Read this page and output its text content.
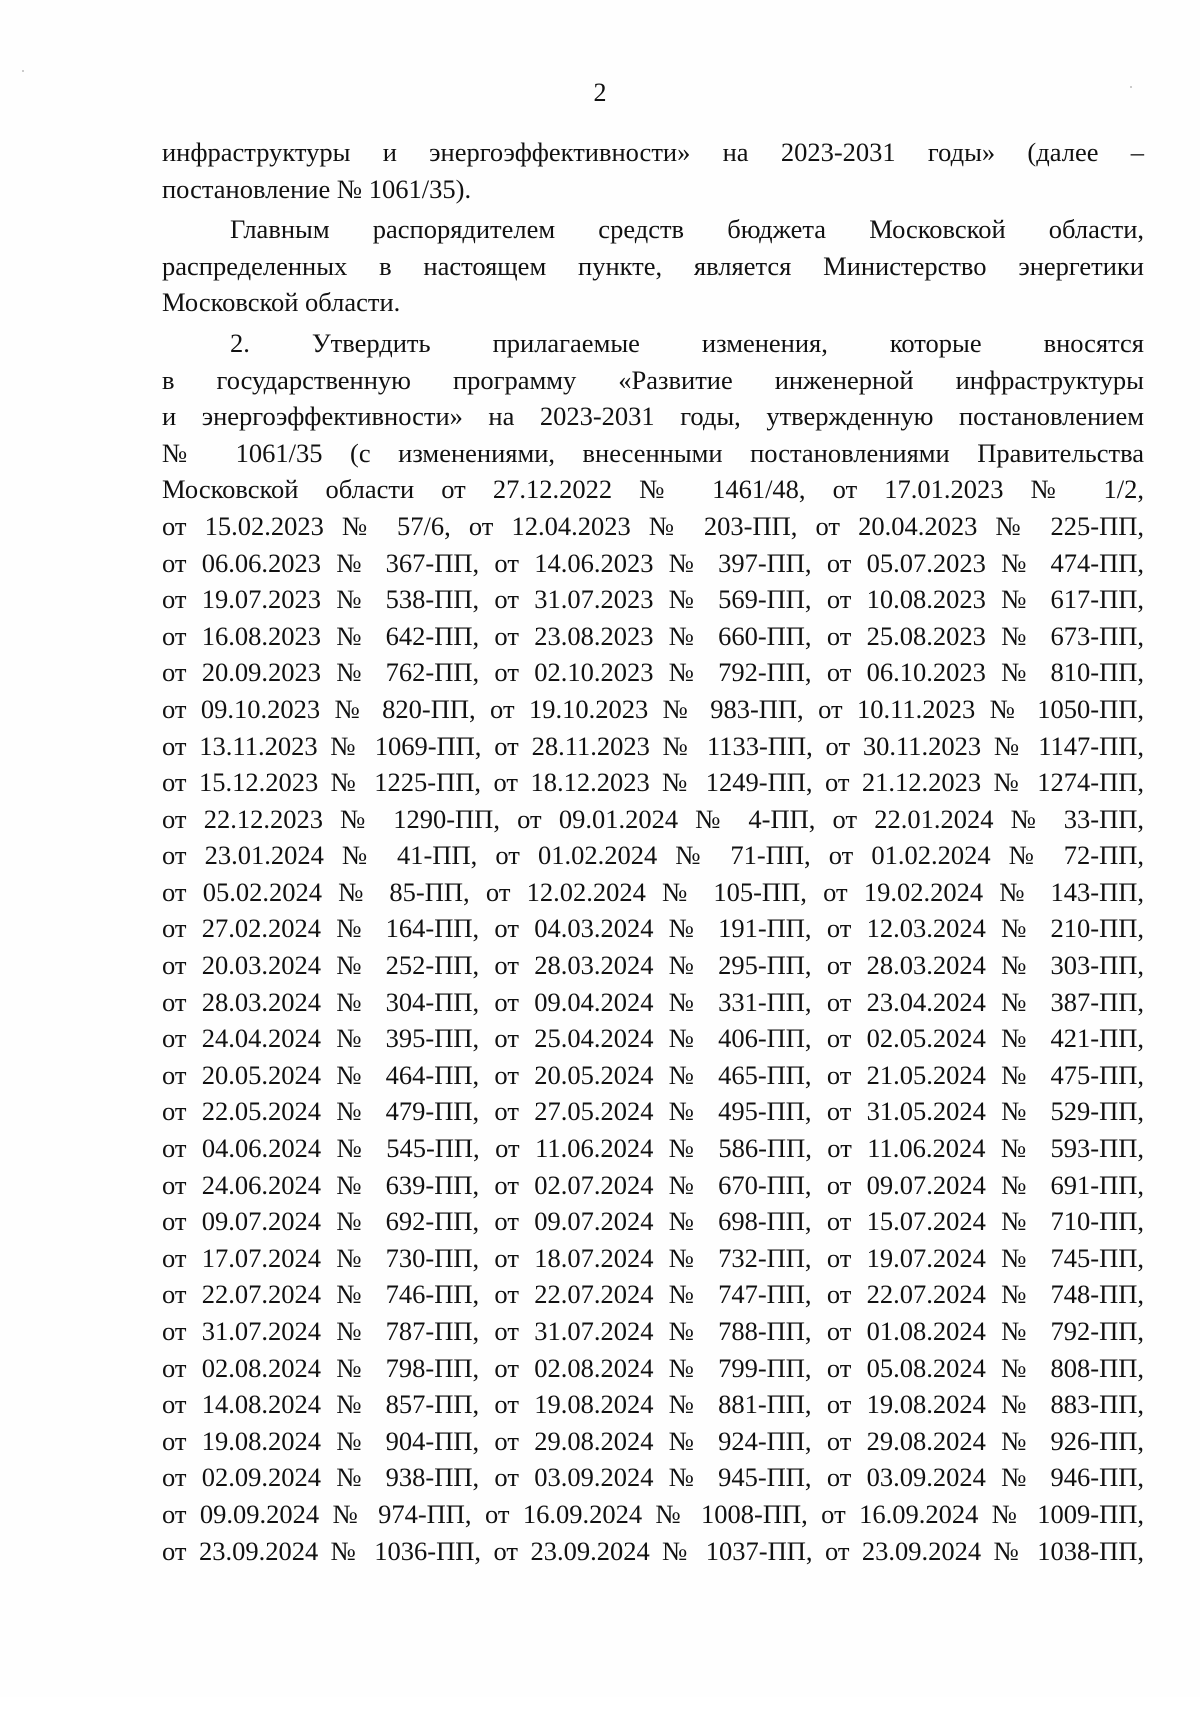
2
инфраструктуры и энергоэффективности» на 2023-2031 годы» (далее –
постановление № 1061/35).
Главным распорядителем средств бюджета Московской области,
распределенных в настоящем пункте, является Министерство энергетики
Московской области.
2. Утвердить прилагаемые изменения, которые вносятся
в государственную программу «Развитие инженерной инфраструктуры
и энергоэффективности» на 2023-2031 годы, утвержденную постановлением
№ 1061/35 (с изменениями, внесенными постановлениями Правительства
Московской области от 27.12.2022 № 1461/48, от 17.01.2023 № 1/2,
от 15.02.2023 № 57/6, от 12.04.2023 № 203-ПП, от 20.04.2023 № 225-ПП,
от 06.06.2023 № 367-ПП, от 14.06.2023 № 397-ПП, от 05.07.2023 № 474-ПП,
от 19.07.2023 № 538-ПП, от 31.07.2023 № 569-ПП, от 10.08.2023 № 617-ПП,
от 16.08.2023 № 642-ПП, от 23.08.2023 № 660-ПП, от 25.08.2023 № 673-ПП,
от 20.09.2023 № 762-ПП, от 02.10.2023 № 792-ПП, от 06.10.2023 № 810-ПП,
от 09.10.2023 № 820-ПП, от 19.10.2023 № 983-ПП, от 10.11.2023 № 1050-ПП,
от 13.11.2023 № 1069-ПП, от 28.11.2023 № 1133-ПП, от 30.11.2023 № 1147-ПП,
от 15.12.2023 № 1225-ПП, от 18.12.2023 № 1249-ПП, от 21.12.2023 № 1274-ПП,
от 22.12.2023 № 1290-ПП, от 09.01.2024 № 4-ПП, от 22.01.2024 № 33-ПП,
от 23.01.2024 № 41-ПП, от 01.02.2024 № 71-ПП, от 01.02.2024 № 72-ПП,
от 05.02.2024 № 85-ПП, от 12.02.2024 № 105-ПП, от 19.02.2024 № 143-ПП,
от 27.02.2024 № 164-ПП, от 04.03.2024 № 191-ПП, от 12.03.2024 № 210-ПП,
от 20.03.2024 № 252-ПП, от 28.03.2024 № 295-ПП, от 28.03.2024 № 303-ПП,
от 28.03.2024 № 304-ПП, от 09.04.2024 № 331-ПП, от 23.04.2024 № 387-ПП,
от 24.04.2024 № 395-ПП, от 25.04.2024 № 406-ПП, от 02.05.2024 № 421-ПП,
от 20.05.2024 № 464-ПП, от 20.05.2024 № 465-ПП, от 21.05.2024 № 475-ПП,
от 22.05.2024 № 479-ПП, от 27.05.2024 № 495-ПП, от 31.05.2024 № 529-ПП,
от 04.06.2024 № 545-ПП, от 11.06.2024 № 586-ПП, от 11.06.2024 № 593-ПП,
от 24.06.2024 № 639-ПП, от 02.07.2024 № 670-ПП, от 09.07.2024 № 691-ПП,
от 09.07.2024 № 692-ПП, от 09.07.2024 № 698-ПП, от 15.07.2024 № 710-ПП,
от 17.07.2024 № 730-ПП, от 18.07.2024 № 732-ПП, от 19.07.2024 № 745-ПП,
от 22.07.2024 № 746-ПП, от 22.07.2024 № 747-ПП, от 22.07.2024 № 748-ПП,
от 31.07.2024 № 787-ПП, от 31.07.2024 № 788-ПП, от 01.08.2024 № 792-ПП,
от 02.08.2024 № 798-ПП, от 02.08.2024 № 799-ПП, от 05.08.2024 № 808-ПП,
от 14.08.2024 № 857-ПП, от 19.08.2024 № 881-ПП, от 19.08.2024 № 883-ПП,
от 19.08.2024 № 904-ПП, от 29.08.2024 № 924-ПП, от 29.08.2024 № 926-ПП,
от 02.09.2024 № 938-ПП, от 03.09.2024 № 945-ПП, от 03.09.2024 № 946-ПП,
от 09.09.2024 № 974-ПП, от 16.09.2024 № 1008-ПП, от 16.09.2024 № 1009-ПП,
от 23.09.2024 № 1036-ПП, от 23.09.2024 № 1037-ПП, от 23.09.2024 № 1038-ПП,
